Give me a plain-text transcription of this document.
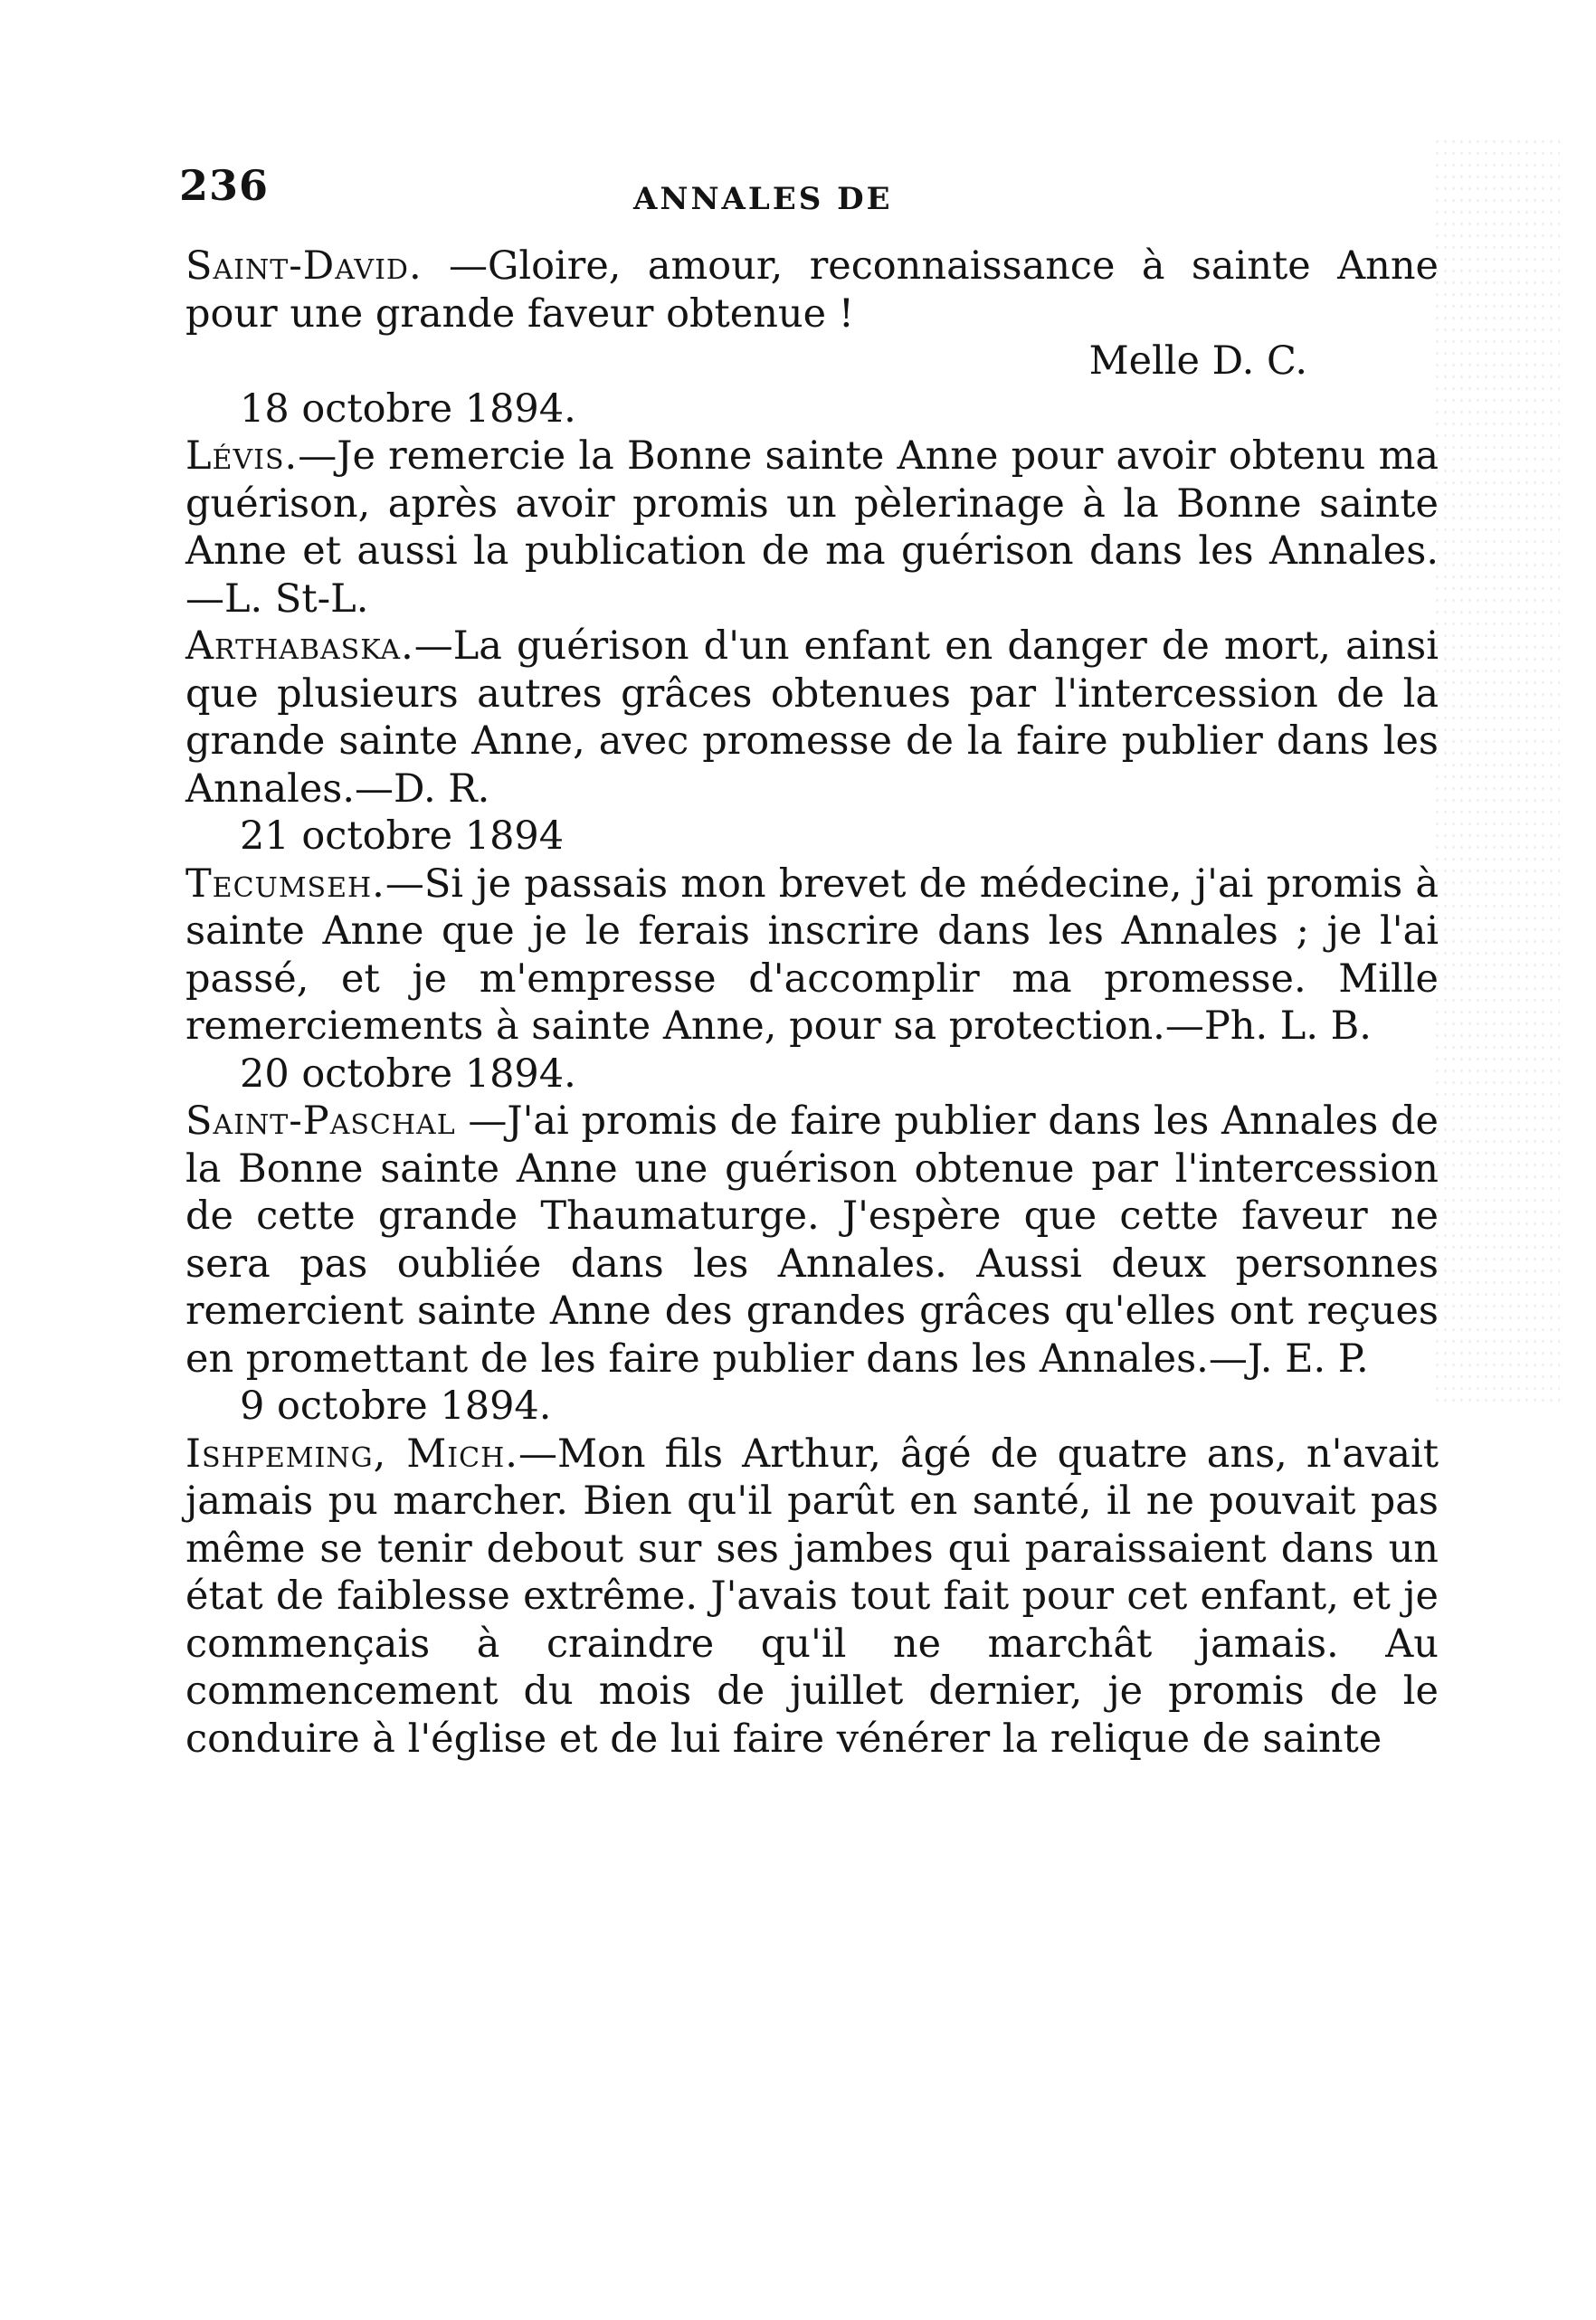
236	ANNALES DE

Saint-David. —Gloire, amour, reconnaissance à sainte Anne pour une grande faveur obtenue !

Melle D. C.

18 octobre 1894.

Lévis.—Je remercie la Bonne sainte Anne pour avoir obtenu ma guérison, après avoir promis un pèlerinage à la Bonne sainte Anne et aussi la publication de ma guérison dans les Annales.—L. St-L.

Arthabaska.—La guérison d'un enfant en danger de mort, ainsi que plusieurs autres grâces obtenues par l'intercession de la grande sainte Anne, avec promesse de la faire publier dans les Annales.—D. R.

21 octobre 1894

Tecumseh.—Si je passais mon brevet de médecine, j'ai promis à sainte Anne que je le ferais inscrire dans les Annales ; je l'ai passé, et je m'empresse d'accomplir ma promesse. Mille remerciements à sainte Anne, pour sa protection.—Ph. L. B.

20 octobre 1894.

Saint-Paschal —J'ai promis de faire publier dans les Annales de la Bonne sainte Anne une guérison obtenue par l'intercession de cette grande Thaumaturge. J'espère que cette faveur ne sera pas oubliée dans les Annales. Aussi deux personnes remercient sainte Anne des grandes grâces qu'elles ont reçues en promettant de les faire publier dans les Annales.—J. E. P.

9 octobre 1894.

Ishpeming, Mich.—Mon fils Arthur, âgé de quatre ans, n'avait jamais pu marcher. Bien qu'il parût en santé, il ne pouvait pas même se tenir debout sur ses jambes qui paraissaient dans un état de faiblesse extrême. J'avais tout fait pour cet enfant, et je commençais à craindre qu'il ne marchât jamais. Au commencement du mois de juillet dernier, je promis de le conduire à l'église et de lui faire vénérer la relique de sainte
